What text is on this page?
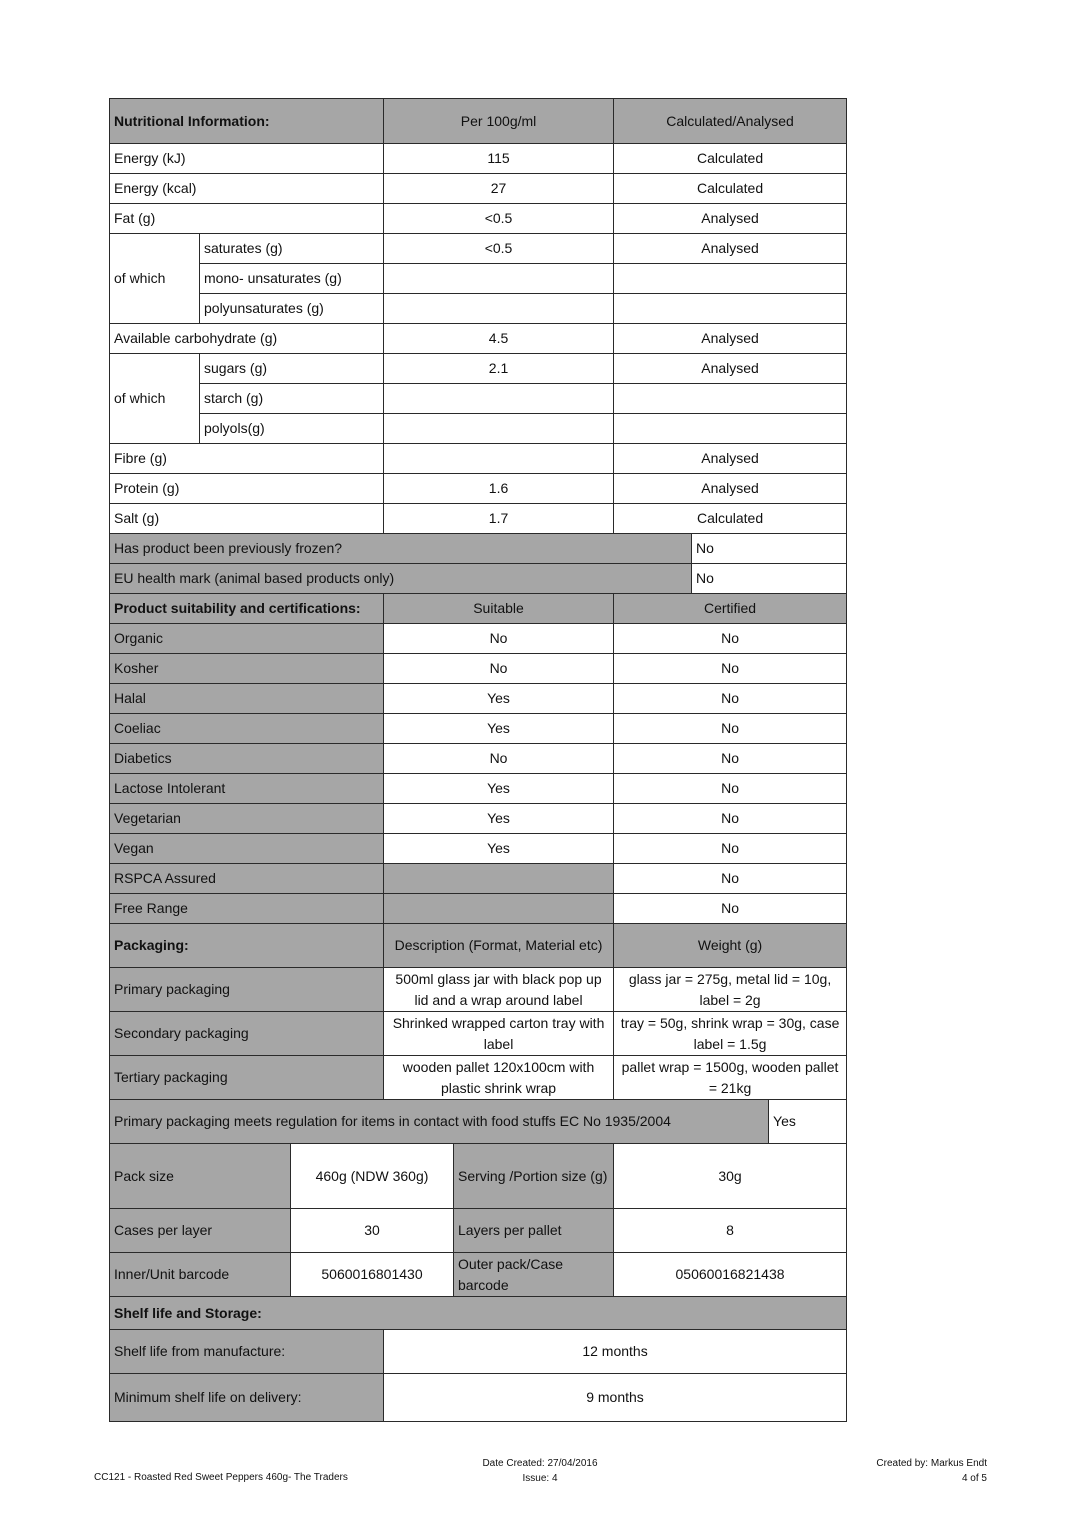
Nutritional Information:			Per 100g/ml		Calculated/Analysed		
Energy (kJ)			115		Calculated		
Energy (kcal)			27		Calculated		
Fat (g)			<0.5		Analysed		
of which	saturates (g)		<0.5		Analysed		
	mono- unsaturates (g)						
	polyunsaturates (g)						
Available carbohydrate (g)			4.5		Analysed		
of which	sugars (g)		2.1		Analysed		
	starch (g)						
	polyols(g)						
Fibre (g)					Analysed		
Protein (g)			1.6		Analysed		
Salt (g)			1.7		Calculated		
Has product been previously frozen?						No	
EU health mark (animal based products only)						No	
Product suitability and certifications:			Suitable		Certified		
Organic			No		No		
Kosher			No		No		
Halal			Yes		No		
Coeliac			Yes		No		
Diabetics			No		No		
Lactose Intolerant			Yes		No		
Vegetarian			Yes		No		
Vegan			Yes		No		
RSPCA Assured					No		
Free Range					No		
Packaging:			Description (Format, Material etc)		Weight (g)		
Primary packaging			500ml glass jar with black pop up lid and a wrap around label		glass jar = 275g, metal lid = 10g, label = 2g		
Secondary packaging			Shrinked wrapped carton tray with label		tray = 50g, shrink wrap = 30g, case label = 1.5g		
Tertiary packaging			wooden pallet 120x100cm with plastic shrink wrap		pallet wrap = 1500g, wooden pallet = 21kg		
Primary packaging meets regulation for items in contact with food stuffs EC No 1935/2004							Yes
Pack size		460g (NDW 360g)		Serving /Portion size (g)	30g		
Cases per layer		30		Layers per pallet	8		
Inner/Unit barcode		5060016801430		Outer pack/Case barcode	05060016821438		
Shelf life and Storage:							
Shelf life from manufacture:			12 months				
Minimum shelf life on delivery:			9 months				
CC121 - Roasted Red Sweet Peppers 460g- The Traders
Date Created: 27/04/2016
Issue: 4
Created by: Markus Endt
4 of 5
